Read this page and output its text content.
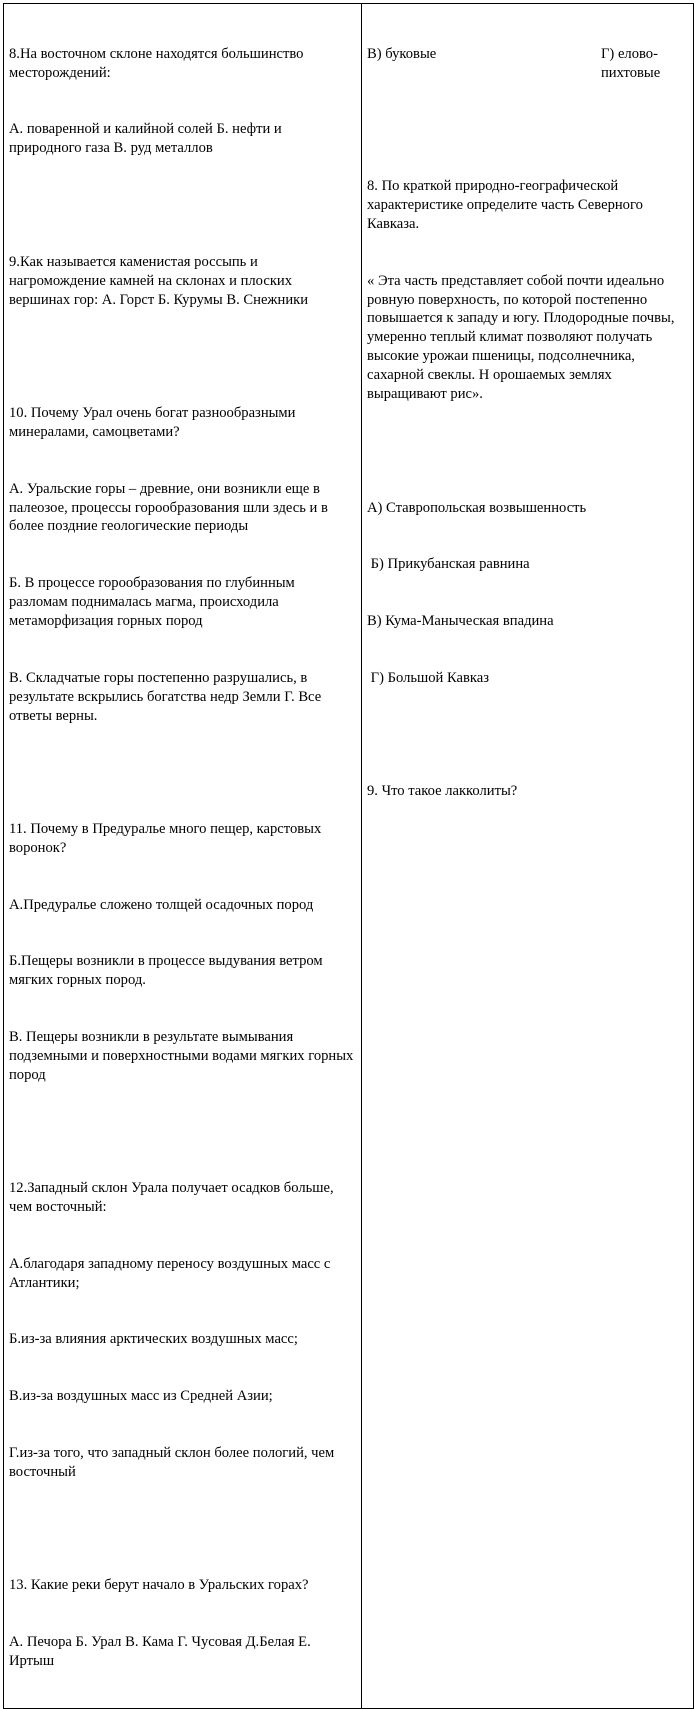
8.На восточном склоне находятся большинство месторождений:

А. поваренной и калийной солей Б. нефти и природного газа В. руд металлов

9.Как называется каменистая россыпь и нагромождение камней на склонах и плоских вершинах гор: А. Горст Б. Курумы В. Снежники

10. Почему Урал очень богат разнообразными минералами, самоцветами?

А. Уральские горы – древние, они возникли еще в палеозое, процессы горообразования шли здесь и в более поздние геологические периоды

Б. В процессе горообразования по глубинным разломам поднималась магма, происходила метаморфизация горных пород

В. Складчатые горы постепенно разрушались, в результате вскрылись богатства недр Земли Г. Все ответы верны.

11. Почему в Предуралье много пещер, карстовых воронок?

А.Предуралье сложено толщей осадочных пород

Б.Пещеры возникли в процессе выдувания ветром мягких горных пород.

В. Пещеры возникли в результате вымывания подземными и поверхностными водами мягких горных пород

12.Западный склон Урала получает осадков больше, чем восточный:

А.благодаря западному переносу воздушных масс с Атлантики;

Б.из-за влияния арктических воздушных масс;

В.из-за воздушных масс из Средней Азии;

Г.из-за того, что западный склон более пологий, чем восточный

13. Какие реки берут начало в Уральских горах?

А. Печора Б. Урал В. Кама Г. Чусовая Д.Белая Е. Иртыш

В) буковые	Г) елово-пихтовые

8. По краткой природно-географической характеристике определите часть Северного Кавказа.

« Эта часть представляет собой почти идеально ровную поверхность, по которой постепенно повышается к западу и югу. Плодородные почвы, умеренно теплый климат позволяют получать высокие урожаи пшеницы, подсолнечника, сахарной свеклы. Н орошаемых землях выращивают рис».

А) Ставропольская возвышенность

Б) Прикубанская равнина

В) Кума-Маныческая впадина

Г) Большой Кавказ

9. Что такое лакколиты?
